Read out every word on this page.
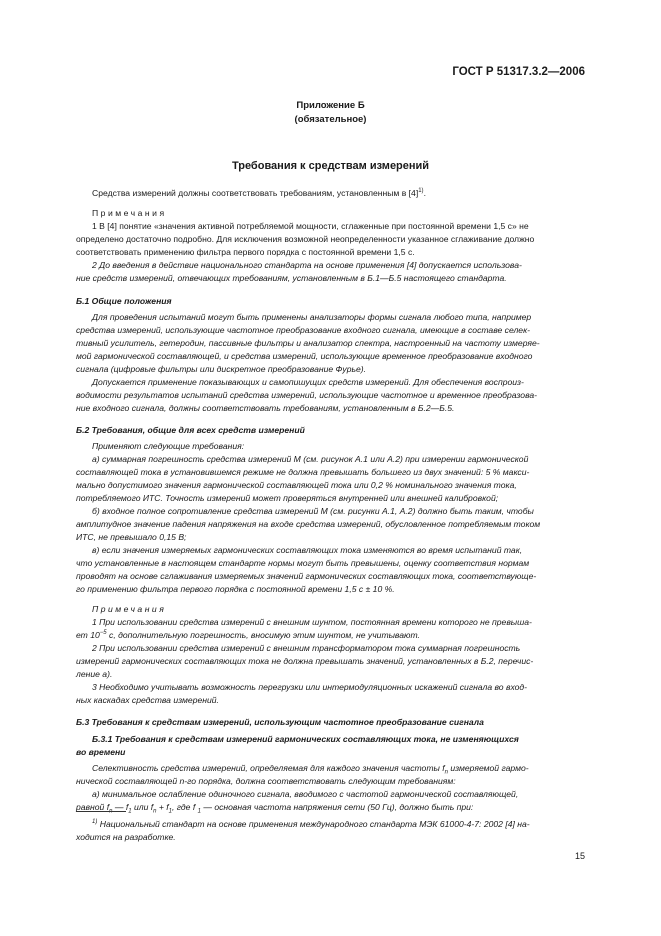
ГОСТ Р 51317.3.2—2006
Приложение Б
(обязательное)
Требования к средствам измерений
Средства измерений должны соответствовать требованиям, установленным в $[4]^{1)}$.
Примечания
1 В [4] понятие «значения активной потребляемой мощности, сглаженные при постоянной времени 1,5 с» не
определено достаточно подробно. Для исключения возможной неопределенности указанное сглаживание должно
соответствовать применению фильтра первого порядка с постоянной времени 1,5 с.
2 До введения в действие национального стандарта на основе применения [4] допускается использова-
ние средств измерений, отвечающих требованиям, установленным в Б.1—Б.5 настоящего стандарта.
Б.1 Общие положения
Для проведения испытаний могут быть применены анализаторы формы сигнала любого типа, например
средства измерений, использующие частотное преобразование входного сигнала, имеющие в составе селек-
тивный усилитель, гетеродин, пассивные фильтры и анализатор спектра, настроенный на частоту измеряе-
мой гармонической составляющей, и средства измерений, использующие временное преобразование входного
сигнала (цифровые фильтры или дискретное преобразование Фурье).
Допускается применение показывающих и самопишущих средств измерений. Для обеспечения воспроиз-
водимости результатов испытаний средства измерений, использующие частотное и временное преобразова-
ние входного сигнала, должны соответствовать требованиям, установленным в Б.2—Б.5.
Б.2 Требования, общие для всех средств измерений
Применяют следующие требования:
а) суммарная погрешность средства измерений М (см. рисунок А.1 или А.2) при измерении гармонической
составляющей тока в установившемся режиме не должна превышать большего из двух значений: 5 % макси-
мально допустимого значения гармонической составляющей тока или 0,2 % номинального значения тока,
потребляемого ИТС. Точность измерений может проверяться внутренней или внешней калибровкой;
б) входное полное сопротивление средства измерений М (см. рисунки А.1, А.2) должно быть таким, чтобы
амплитудное значение падения напряжения на входе средства измерений, обусловленное потребляемым током
ИТС, не превышало 0,15 В;
в) если значения измеряемых гармонических составляющих тока изменяются во время испытаний так,
что установленные в настоящем стандарте нормы могут быть превышены, оценку соответствия нормам
проводят на основе сглаживания измеряемых значений гармонических составляющих тока, соответствующе-
го применению фильтра первого порядка с постоянной времени 1,5 с ± 10 %.
Примечания
1 При использовании средства измерений с внешним шунтом, постоянная времени которого не превыша-
ет $10^{-5}$ с, дополнительную погрешность, вносимую этим шунтом, не учитывают.
2 При использовании средства измерений с внешним трансформатором тока суммарная погрешность
измерений гармонических составляющих тока не должна превышать значений, установленных в Б.2, перечис-
ление а).
3 Необходимо учитывать возможность перегрузки или интермодуляционных искажений сигнала во вход-
ных каскадах средства измерений.
Б.3 Требования к средствам измерений, использующим частотное преобразование сигнала
Б.3.1 Требования к средствам измерений гармонических составляющих тока, не изменяющихся
во времени
Селективность средства измерений, определяемая для каждого значения частоты $f_n$ измеряемой гармо-
нической составляющей n-го порядка, должна соответствовать следующим требованиям:
а) минимальное ослабление одиночного сигнала, вводимого с частотой гармонической составляющей,
равной $f_n$ — $f_1$ или $f_n + f_1$, где f $_1$ — основная частота напряжения сети (50 Гц), должно быть при:
$^{1)}$ Национальный стандарт на основе применения международного стандарта МЭК 61000-4-7: 2002 [4] на-
ходится на разработке.
15
